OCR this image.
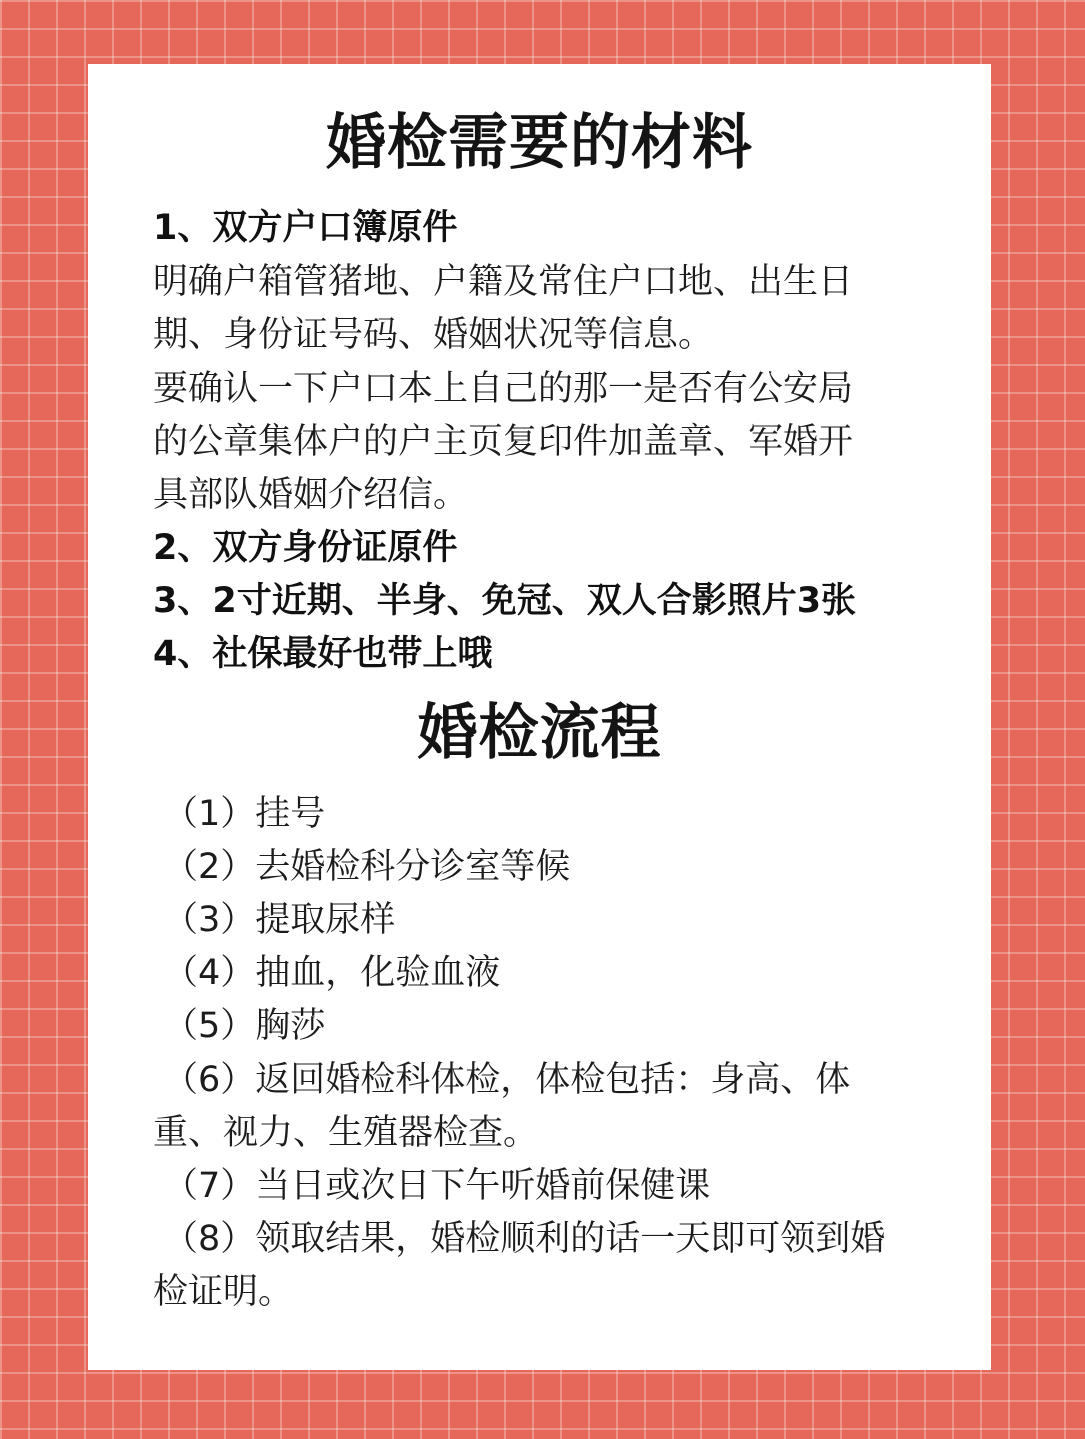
婚检需要的材料

1、双方户口簿原件

明确户箱管猪地、户籍及常住户口地、出生日

期、身份证号码、婚姻状况等信息。

要确认一下户口本上自己的那一是否有公安局

的公章集体户的户主页复印件加盖章、军婚开

具部队婚姻介绍信。

2、双方身份证原件

3、2寸近期、半身、免冠、双人合影照片3张

4、社保最好也带上哦

婚检流程

（1）挂号

（2）去婚检科分诊室等候

（3）提取尿样

（4）抽血，化验血液

（5）胸莎

（6）返回婚检科体检，体检包括：身高、体

重、视力、生殖器检查。

（7）当日或次日下午听婚前保健课

（8）领取结果，婚检顺利的话一天即可领到婚

检证明。
